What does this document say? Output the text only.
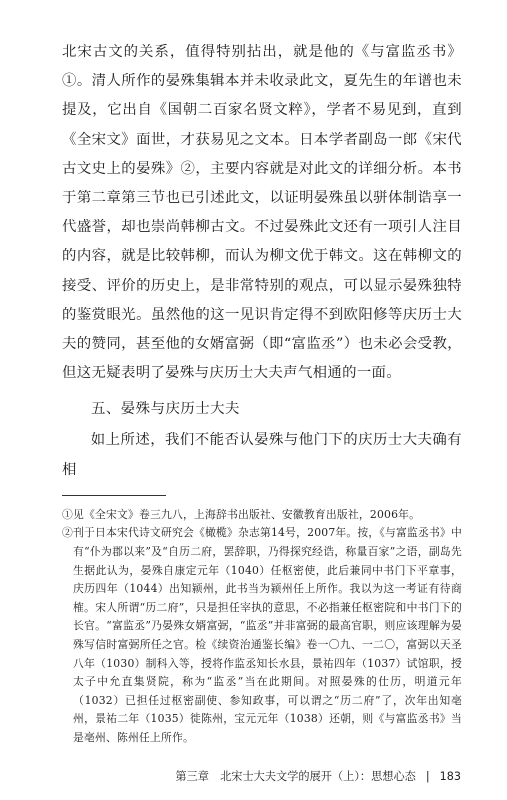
北宋古文的关系，值得特别拈出，就是他的《与富监丞书》①。清人所作的晏殊集辑本并未收录此文，夏先生的年谱也未提及，它出自《国朝二百家名贤文粹》，学者不易见到，直到《全宋文》面世，才获易见之文本。日本学者副岛一郎《宋代古文史上的晏殊》②，主要内容就是对此文的详细分析。本书于第二章第三节也已引述此文，以证明晏殊虽以骈体制诰享一代盛誉，却也崇尚韩柳古文。不过晏殊此文还有一项引人注目的内容，就是比较韩柳，而认为柳文优于韩文。这在韩柳文的接受、评价的历史上，是非常特别的观点，可以显示晏殊独特的鉴赏眼光。虽然他的这一见识肯定得不到欧阳修等庆历士大夫的赞同，甚至他的女婿富弼（即“富监丞”）也未必会受教，但这无疑表明了晏殊与庆历士大夫声气相通的一面。

五、晏殊与庆历士大夫

如上所述，我们不能否认晏殊与他门下的庆历士大夫确有相

①见《全宋文》卷三九八，上海辞书出版社、安徽教育出版社，2006年。

②刊于日本宋代诗文研究会《橄榄》杂志第14号，2007年。按，《与富监丞书》中有“仆为郡以来”及“自历二府，罢辞职，乃得探究经诰，称量百家”之语，副岛先生据此认为，晏殊自康定元年（1040）任枢密使，此后兼同中书门下平章事，庆历四年（1044）出知颍州，此书当为颍州任上所作。我以为这一考证有待商榷。宋人所谓“历二府”，只是担任宰执的意思，不必指兼任枢密院和中书门下的长官。“富监丞”乃晏殊女婿富弼，“监丞”并非富弼的最高官职，则应该理解为晏殊写信时富弼所任之官。检《续资治通鉴长编》卷一〇九、一二〇，富弼以天圣八年（1030）制科入等，授将作监丞知长水县，景祐四年（1037）试馆职，授太子中允直集贤院，称为“监丞”当在此期间。对照晏殊的仕历，明道元年（1032）已担任过枢密副使、参知政事，可以谓之“历二府”了，次年出知亳州，景祐二年（1035）徙陈州，宝元元年（1038）还朝，则《与富监丞书》当是亳州、陈州任上所作。

第三章　北宋士大夫文学的展开（上）：思想心态 | 183
